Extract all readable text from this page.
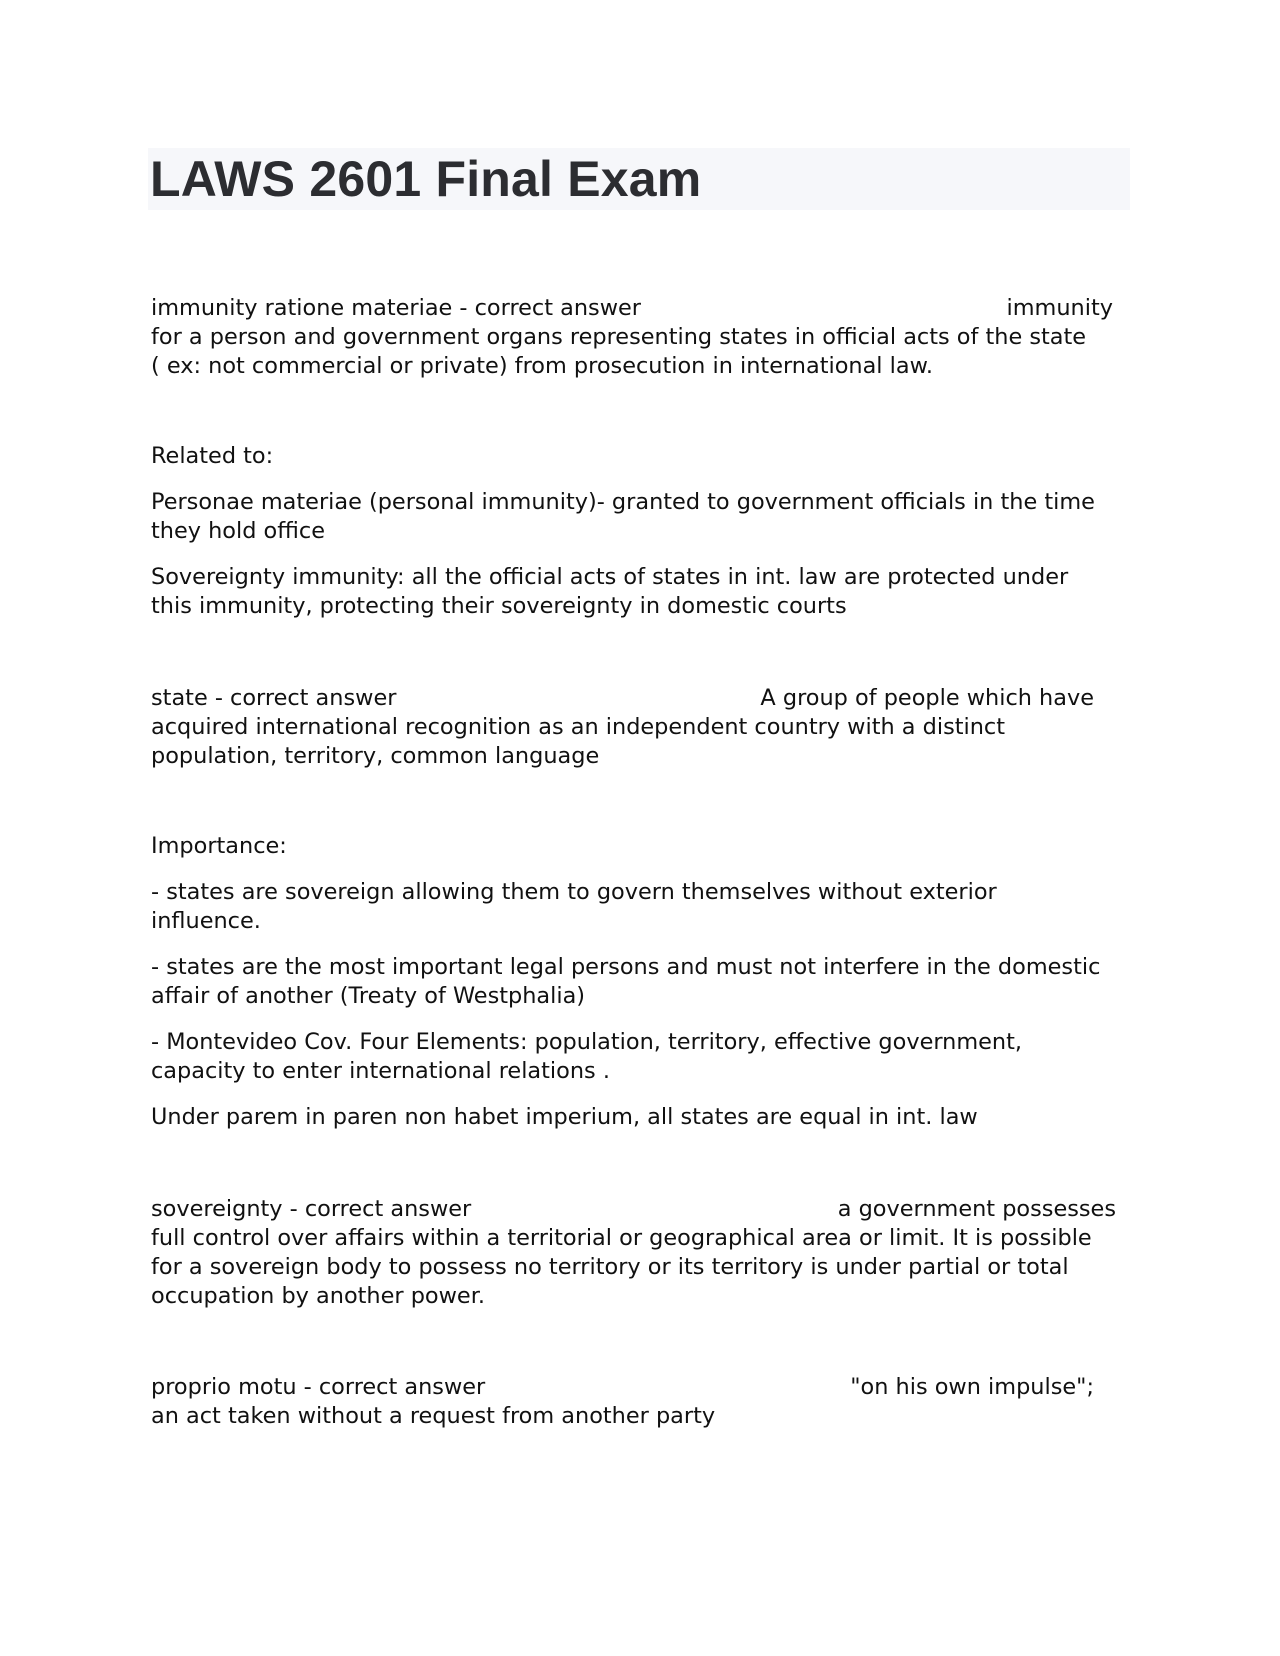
LAWS 2601 Final Exam
immunity ratione materiae - correct answer	immunity

for a person and government organs representing states in official acts of the state

( ex: not commercial or private) from prosecution in international law.

Related to:

Personae materiae (personal immunity)- granted to government officials in the time

they hold office

Sovereignty immunity: all the official acts of states in int. law are protected under

this immunity, protecting their sovereignty in domestic courts

state - correct answer	A group of people which have

acquired international recognition as an independent country with a distinct

population, territory, common language

Importance:

- states are sovereign allowing them to govern themselves without exterior

influence.

- states are the most important legal persons and must not interfere in the domestic

affair of another (Treaty of Westphalia)

- Montevideo Cov. Four Elements: population, territory, effective government,

capacity to enter international relations .

Under parem in paren non habet imperium, all states are equal in int. law

sovereignty - correct answer	a government possesses

full control over affairs within a territorial or geographical area or limit. It is possible

for a sovereign body to possess no territory or its territory is under partial or total

occupation by another power.

proprio motu - correct answer	"on his own impulse";

an act taken without a request from another party
